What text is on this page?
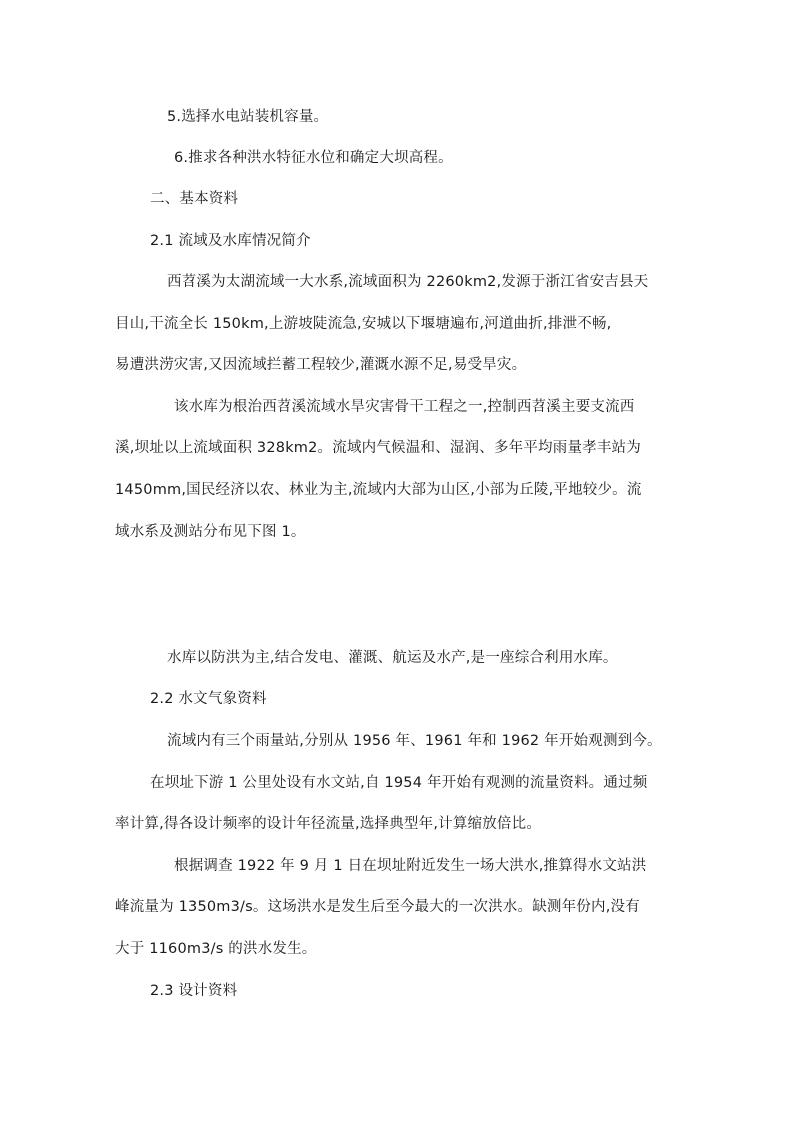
5.选择水电站装机容量。
6.推求各种洪水特征水位和确定大坝高程。
二、基本资料
2.1 流域及水库情况简介
西苕溪为太湖流域一大水系,流域面积为 2260km2,发源于浙江省安吉县天
目山,干流全长 150km,上游坡陡流急,安城以下堰塘遍布,河道曲折,排泄不畅,
易遭洪涝灾害,又因流域拦蓄工程较少,灌溉水源不足,易受旱灾。
该水库为根治西苕溪流域水旱灾害骨干工程之一,控制西苕溪主要支流西
溪,坝址以上流域面积 328km2。流域内气候温和、湿润、多年平均雨量孝丰站为
1450mm,国民经济以农、林业为主,流域内大部为山区,小部为丘陵,平地较少。流
域水系及测站分布见下图 1。
水库以防洪为主,结合发电、灌溉、航运及水产,是一座综合利用水库。
2.2 水文气象资料
流域内有三个雨量站,分别从 1956 年、1961 年和 1962 年开始观测到今。
在坝址下游 1 公里处设有水文站,自 1954 年开始有观测的流量资料。通过频
率计算,得各设计频率的设计年径流量,选择典型年,计算缩放倍比。
根据调查 1922 年 9 月 1 日在坝址附近发生一场大洪水,推算得水文站洪
峰流量为 1350m3/s。这场洪水是发生后至今最大的一次洪水。缺测年份内,没有
大于 1160m3/s 的洪水发生。
2.3 设计资料
